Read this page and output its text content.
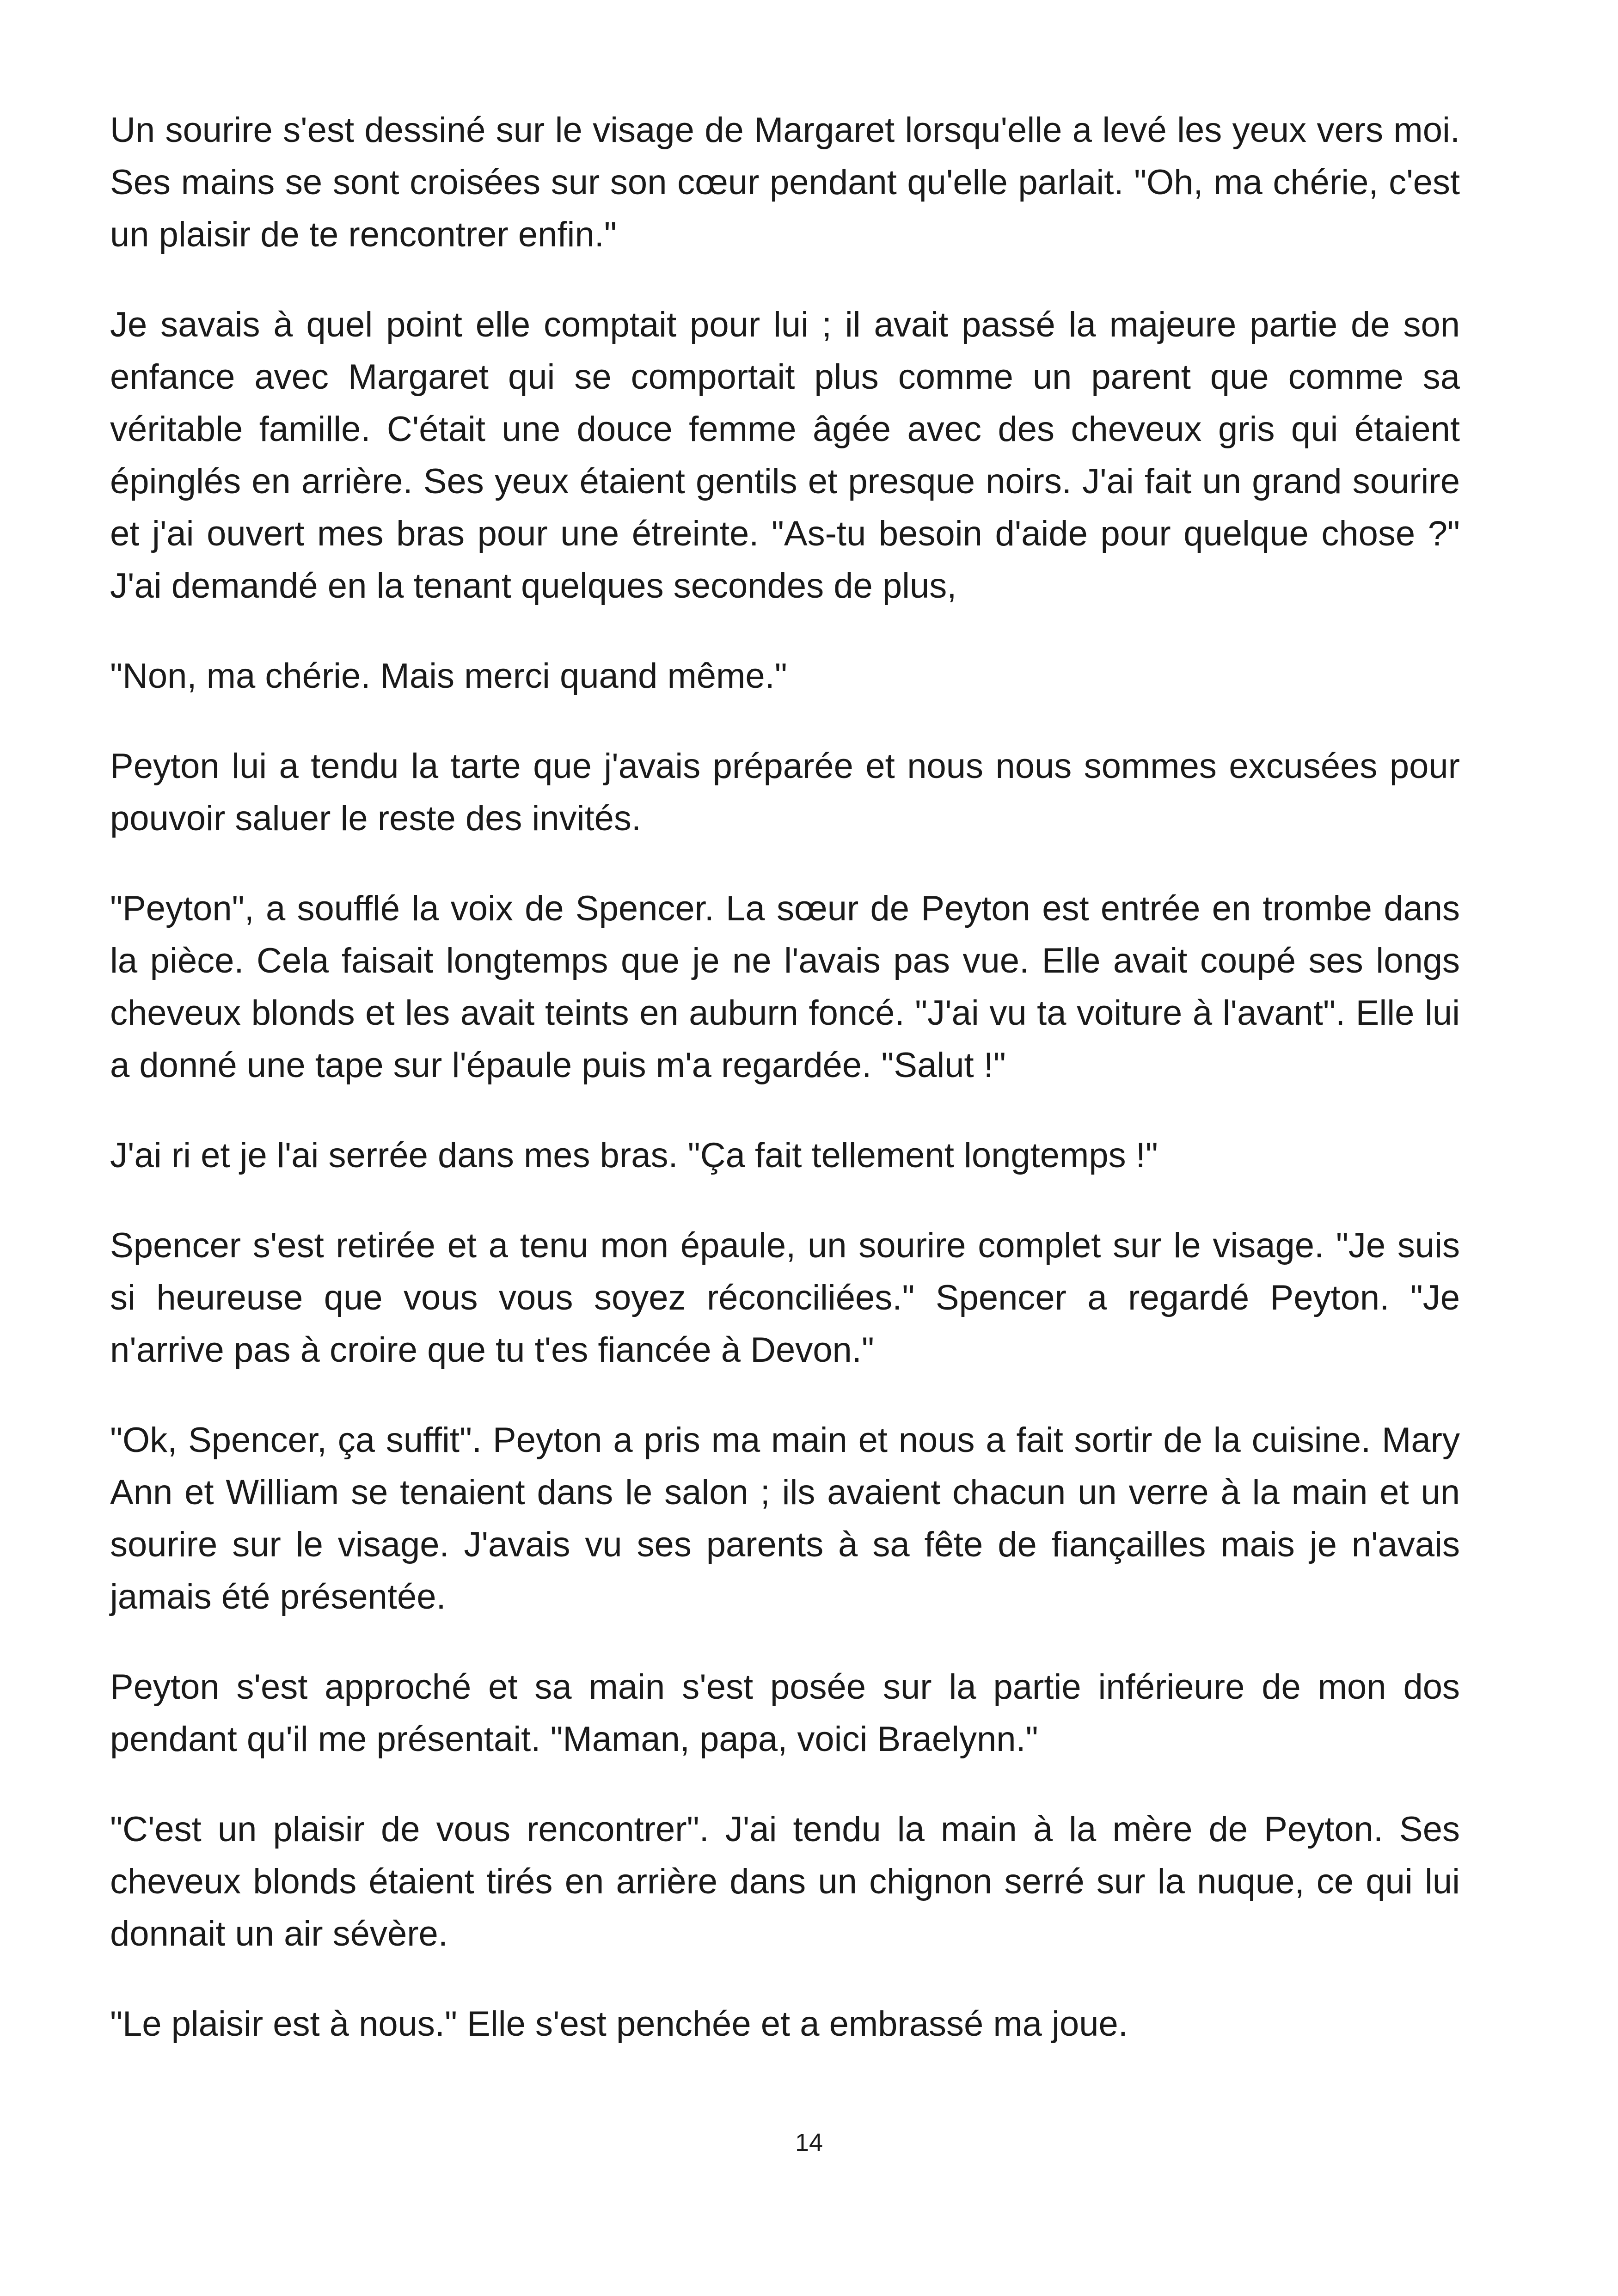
Un sourire s'est dessiné sur le visage de Margaret lorsqu'elle a levé les yeux vers moi. Ses mains se sont croisées sur son cœur pendant qu'elle parlait. "Oh, ma chérie, c'est un plaisir de te rencontrer enfin."

Je savais à quel point elle comptait pour lui ; il avait passé la majeure partie de son enfance avec Margaret qui se comportait plus comme un parent que comme sa véritable famille. C'était une douce femme âgée avec des cheveux gris qui étaient épinglés en arrière. Ses yeux étaient gentils et presque noirs. J'ai fait un grand sourire et j'ai ouvert mes bras pour une étreinte. "As-tu besoin d'aide pour quelque chose ?" J'ai demandé en la tenant quelques secondes de plus,

"Non, ma chérie. Mais merci quand même."

Peyton lui a tendu la tarte que j'avais préparée et nous nous sommes excusées pour pouvoir saluer le reste des invités.

"Peyton", a soufflé la voix de Spencer. La sœur de Peyton est entrée en trombe dans la pièce. Cela faisait longtemps que je ne l'avais pas vue. Elle avait coupé ses longs cheveux blonds et les avait teints en auburn foncé. "J'ai vu ta voiture à l'avant". Elle lui a donné une tape sur l'épaule puis m'a regardée. "Salut !"

J'ai ri et je l'ai serrée dans mes bras. "Ça fait tellement longtemps !"

Spencer s'est retirée et a tenu mon épaule, un sourire complet sur le visage. "Je suis si heureuse que vous vous soyez réconciliées." Spencer a regardé Peyton. "Je n'arrive pas à croire que tu t'es fiancée à Devon."

"Ok, Spencer, ça suffit". Peyton a pris ma main et nous a fait sortir de la cuisine. Mary Ann et William se tenaient dans le salon ; ils avaient chacun un verre à la main et un sourire sur le visage. J'avais vu ses parents à sa fête de fiançailles mais je n'avais jamais été présentée.

Peyton s'est approché et sa main s'est posée sur la partie inférieure de mon dos pendant qu'il me présentait. "Maman, papa, voici Braelynn."

"C'est un plaisir de vous rencontrer". J'ai tendu la main à la mère de Peyton. Ses cheveux blonds étaient tirés en arrière dans un chignon serré sur la nuque, ce qui lui donnait un air sévère.

"Le plaisir est à nous." Elle s'est penchée et a embrassé ma joue.

14
